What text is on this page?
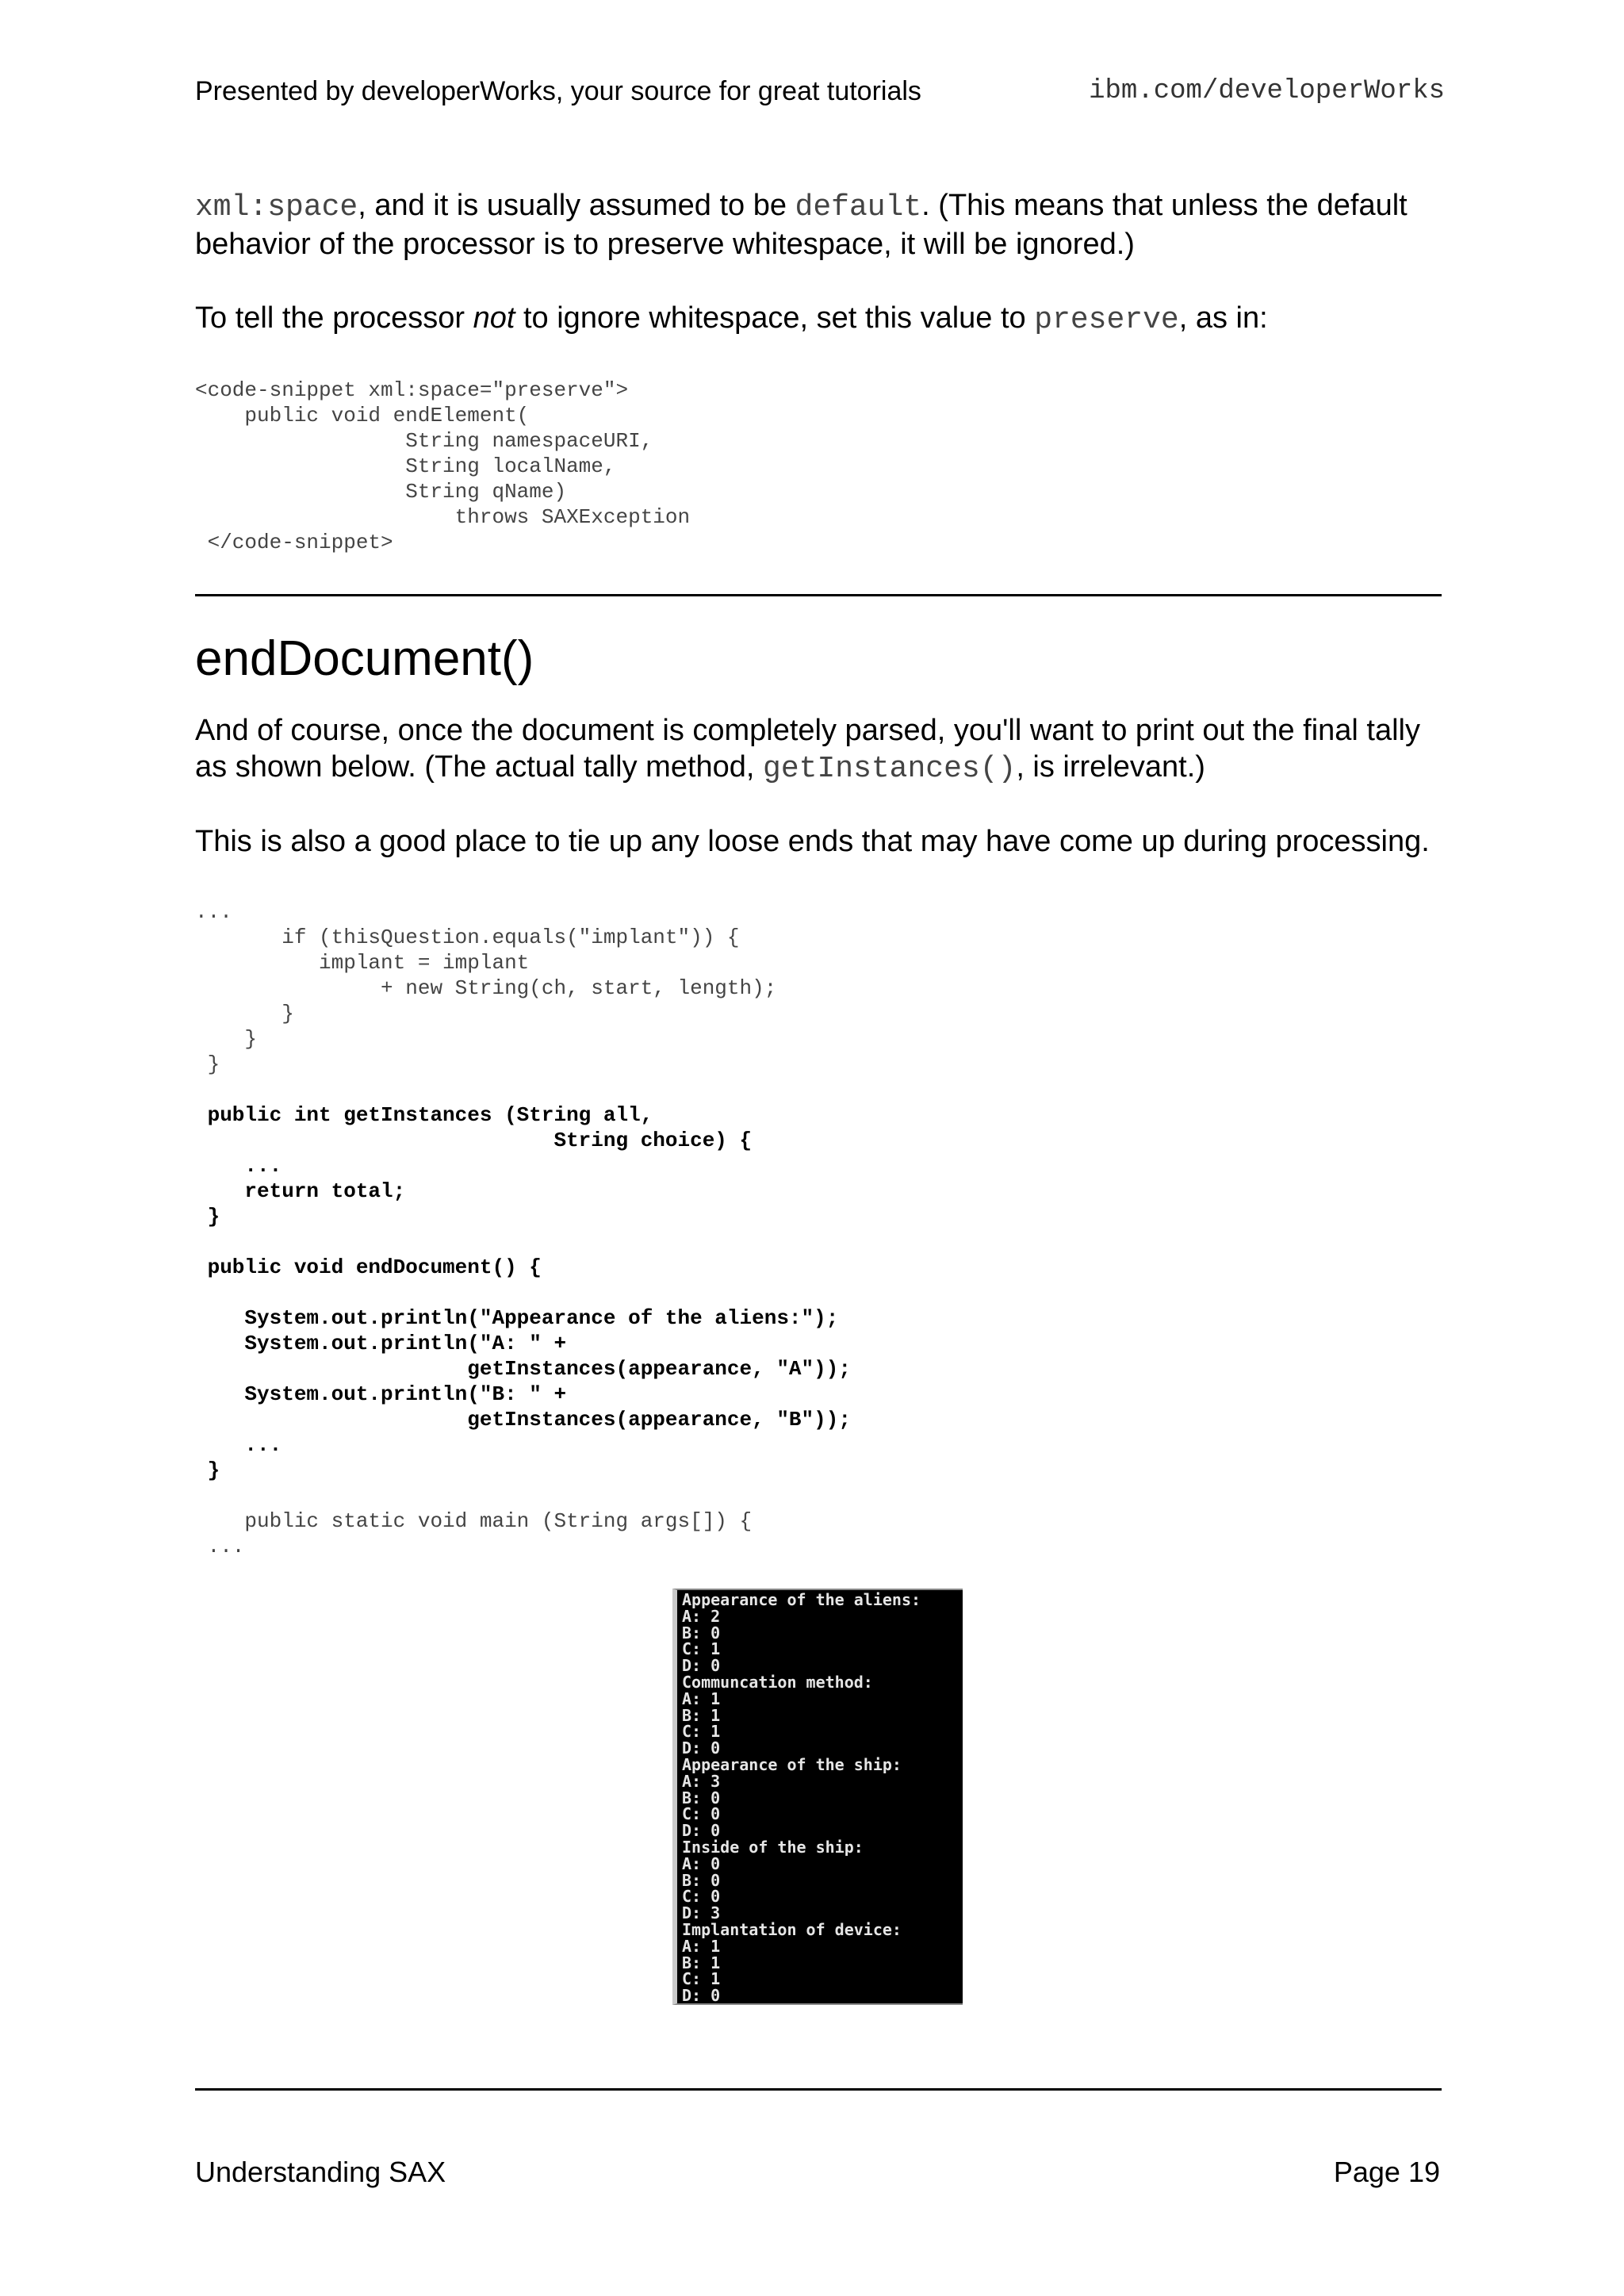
Presented by developerWorks, your source for great tutorials	ibm.com/developerWorks
xml:space, and it is usually assumed to be default. (This means that unless the default behavior of the processor is to preserve whitespace, it will be ignored.)
To tell the processor not to ignore whitespace, set this value to preserve, as in:
<code-snippet xml:space="preserve">
public void endElement(
String namespaceURI,
String localName,
String qName)
throws SAXException
</code-snippet>
endDocument()
And of course, once the document is completely parsed, you'll want to print out the final tally as shown below. (The actual tally method, getInstances(), is irrelevant.)
This is also a good place to tie up any loose ends that may have come up during processing.
...
if (thisQuestion.equals("implant")) {
implant = implant
+ new String(ch, start, length);
}
}
}

public int getInstances (String all,
String choice) {
...
return total;
}

public void endDocument() {

System.out.println("Appearance of the aliens:");
System.out.println("A: " +
getInstances(appearance, "A"));
System.out.println("B: " +
getInstances(appearance, "B"));
...
}

public static void main (String args[]) {
...
Appearance of the aliens:
A: 2
B: 0
C: 1
D: 0
Communcation method:
A: 1
B: 1
C: 1
D: 0
Appearance of the ship:
A: 3
B: 0
C: 0
D: 0
Inside of the ship:
A: 0
B: 0
C: 0
D: 3
Implantation of device:
A: 1
B: 1
C: 1
D: 0
Understanding SAX	Page 19
